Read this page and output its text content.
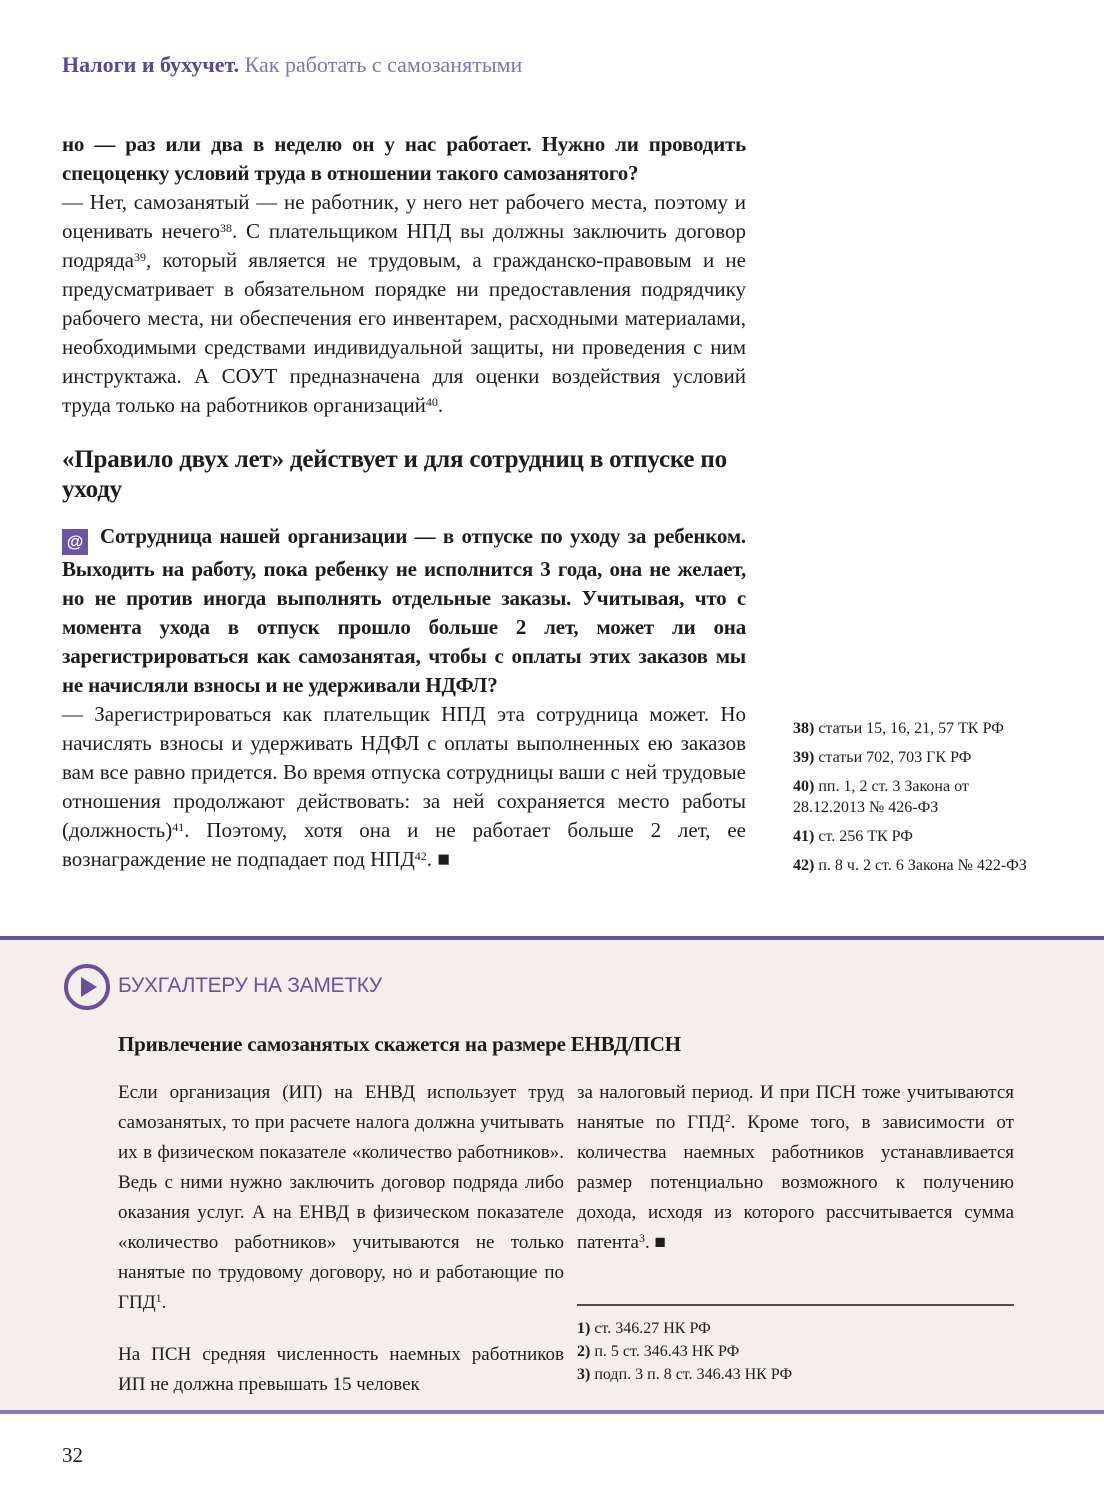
Налоги и бухучет. Как работать с самозанятыми

но — раз или два в неделю он у нас работает. Нужно ли проводить спецоценку условий труда в отношении такого самозанятого?

— Нет, самозанятый — не работник, у него нет рабочего места, поэтому и оценивать нечего$^{38}$. С плательщиком НПД вы должны заключить договор подряда$^{39}$, который является не трудовым, а гражданско-правовым и не предусматривает в обязательном порядке ни предоставления подрядчику рабочего места, ни обеспечения его инвентарем, расходными материалами, необходимыми средствами индивидуальной защиты, ни проведения с ним инструктажа. А СОУТ предназначена для оценки воздействия условий труда только на работников организаций$^{40}$.

«Правило двух лет» действует и для сотрудниц в отпуске по уходу

@ Сотрудница нашей организации — в отпуске по уходу за ребенком. Выходить на работу, пока ребенку не исполнится 3 года, она не желает, но не против иногда выполнять отдельные заказы. Учитывая, что с момента ухода в отпуск прошло больше 2 лет, может ли она зарегистрироваться как самозанятая, чтобы с оплаты этих заказов мы не начисляли взносы и не удерживали НДФЛ?

— Зарегистрироваться как плательщик НПД эта сотрудница может. Но начислять взносы и удерживать НДФЛ с оплаты выполненных ею заказов вам все равно придется. Во время отпуска сотрудницы ваши с ней трудовые отношения продолжают действовать: за ней сохраняется место работы (должность)$^{41}$. Поэтому, хотя она и не работает больше 2 лет, ее вознаграждение не подпадает под НПД$^{42}$. ■

38) статьи 15, 16, 21, 57 ТК РФ
39) статьи 702, 703 ГК РФ
40) пп. 1, 2 ст. 3 Закона от 28.12.2013 № 426-ФЗ
41) ст. 256 ТК РФ
42) п. 8 ч. 2 ст. 6 Закона № 422-ФЗ
БУХГАЛТЕРУ НА ЗАМЕТКУ
Привлечение самозанятых скажется на размере ЕНВД/ПСН

Если организация (ИП) на ЕНВД использует труд самозанятых, то при расчете налога должна учитывать их в физическом показателе «количество работников». Ведь с ними нужно заключить договор подряда либо оказания услуг. А на ЕНВД в физическом показателе «количество работников» учитываются не только нанятые по трудовому договору, но и работающие по ГПД$^1$.

На ПСН средняя численность наемных работников ИП не должна превышать 15 человек

за налоговый период. И при ПСН тоже учитываются нанятые по ГПД$^2$. Кроме того, в зависимости от количества наемных работников устанавливается размер потенциально возможного к получению дохода, исходя из которого рассчитывается сумма патента$^3$. ■

1) ст. 346.27 НК РФ
2) п. 5 ст. 346.43 НК РФ
3) подп. 3 п. 8 ст. 346.43 НК РФ
32
